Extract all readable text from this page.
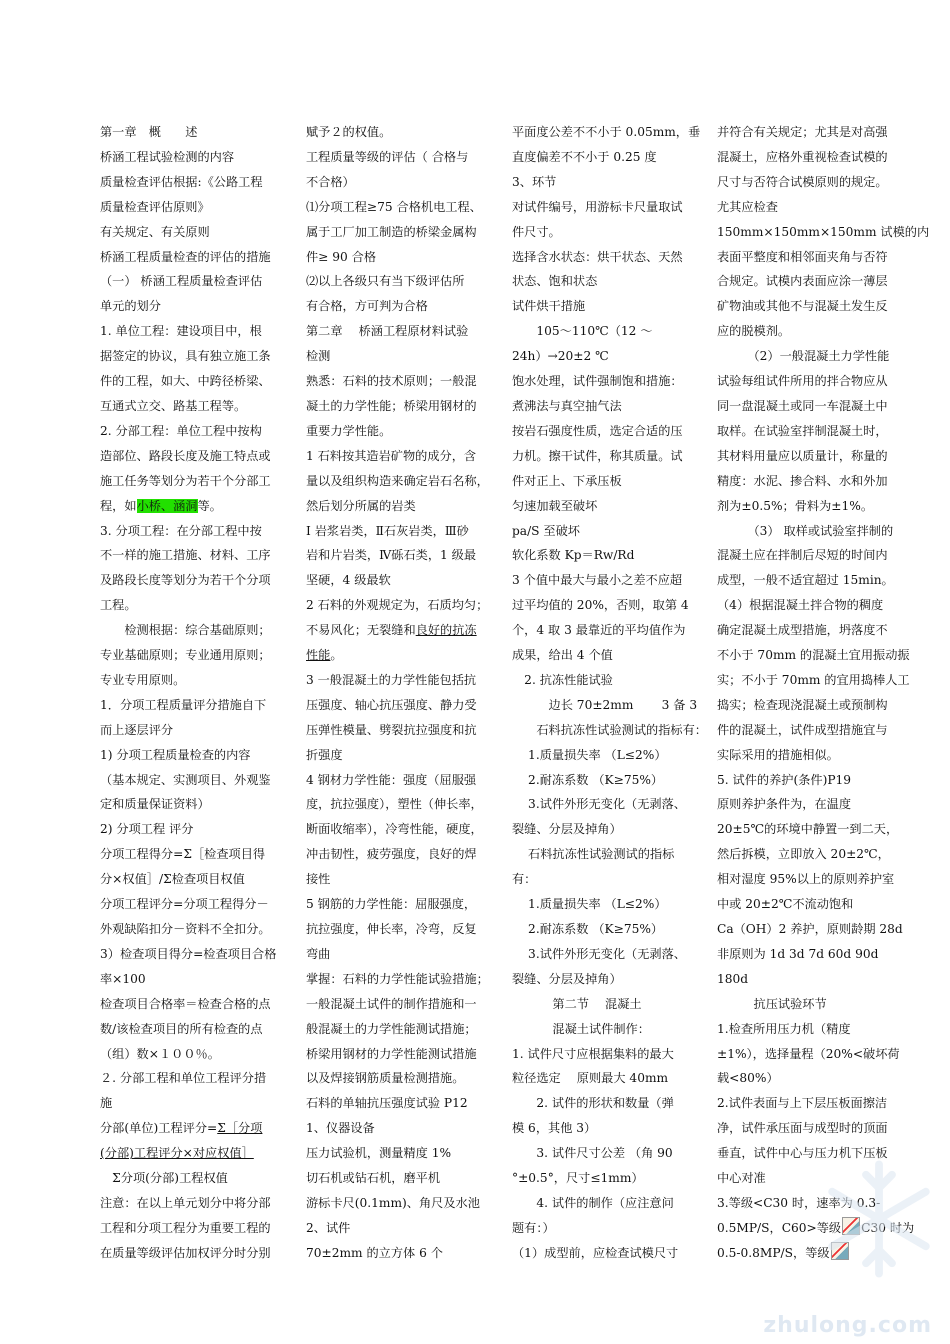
第一章　概　　述

桥涵工程试验检测的内容

质量检查评估根据:《公路工程

质量检查评估原则》

有关规定、有关原则

桥涵工程质量检查的评估的措施

（一） 桥涵工程质量检查评估

单元的划分

1. 单位工程：建设项目中，根

据签定的协议，具有独立施工条

件的工程，如大、中跨径桥梁、

互通式立交、路基工程等。

2. 分部工程：单位工程中按构

造部位、路段长度及施工特点或

施工任务等划分为若干个分部工

程，如小桥、涵洞等。

3. 分项工程：在分部工程中按

不一样的施工措施、材料、工序

及路段长度等划分为若干个分项

工程。

　　检测根据：综合基础原则；

专业基础原则；专业通用原则；

专业专用原则。

1．分项工程质量评分措施自下

而上逐层评分

1) 分项工程质量检查的内容

（基本规定、实测项目、外观鉴

定和质量保证资料）

2) 分项工程 评分

分项工程得分=Σ［检查项目得

分×权值］/Σ检查项目权值

分项工程评分=分项工程得分－

外观缺陷扣分－资料不全扣分。

3）检查项目得分=检查项目合格

率×100

检查项目合格率＝检查合格的点

数/该检查项目的所有检查的点

（组）数×１００％。

２. 分部工程和单位工程评分措

施

分部(单位)工程评分=Σ［分项

(分部)工程评分×对应权值］

　Σ分项(分部)工程权值

注意：在以上单元划分中将分部

工程和分项工程分为重要工程的

在质量等级评估加权评分时分别

赋予２的权值。

工程质量等级的评估（ 合格与

不合格）

⑴分项工程≥75 合格机电工程、

属于工厂加工制造的桥梁金属构

件≥ 90 合格

⑵以上各级只有当下级评估所

有合格，方可判为合格

第二章　 桥涵工程原材料试验

检测

熟悉：石料的技术原则；一般混

凝土的力学性能；桥梁用钢材的

重要力学性能。

1 石料按其造岩矿物的成分，含

量以及组织构造来确定岩石名称，

然后划分所属的岩类

Ⅰ 岩浆岩类，Ⅱ石灰岩类，Ⅲ砂

岩和片岩类，Ⅳ砾石类，1 级最

坚硬，4 级最软

2 石料的外观规定为，石质均匀；

不易风化；无裂缝和良好的抗冻

性能。

3 一般混凝土的力学性能包括抗

压强度、轴心抗压强度、静力受

压弹性模量、劈裂抗拉强度和抗

折强度

4 钢材力学性能：强度（屈服强

度，抗拉强度），塑性（伸长率，

断面收缩率），冷弯性能，硬度，

冲击韧性，疲劳强度，良好的焊

接性

5 钢筋的力学性能：屈服强度，

抗拉强度，伸长率，冷弯，反复

弯曲

掌握：石料的力学性能试验措施；

一般混凝土试件的制作措施和一

般混凝土的力学性能测试措施；

桥梁用钢材的力学性能测试措施

以及焊接钢筋质量检测措施。

石料的单轴抗压强度试验 P12

1、仪器设备

压力试验机，测量精度 1%

切石机或钻石机，磨平机

游标卡尺(0.1mm)、角尺及水池

2、试件

70±2mm 的立方体 6 个

平面度公差不不小于 0.05mm，垂

直度偏差不不小于 0.25 度

3、环节

对试件编号，用游标卡尺量取试

件尺寸。

选择含水状态：烘干状态、天然

状态、饱和状态

试件烘干措施

　　105～110℃（12 ～

24h）→20±2 ℃

饱水处理，试件强制饱和措施：

煮沸法与真空抽气法

按岩石强度性质，选定合适的压

力机。擦干试件，称其质量。试

件对正上、下承压板

匀速加载至破坏

pa/S 至破坏

软化系数 Kp＝Rw/Rd

3 个值中最大与最小之差不应超

过平均值的 20%，否则，取第 4

个，4 取 3 最靠近的平均值作为

成果，给出 4 个值

　2. 抗冻性能试验

　　　边长 70±2mm　　 3 备 3

　　石料抗冻性试验测试的指标有：

　 1.质量损失率 （L≤2%）

　 2.耐冻系数 （K≥75%）

　 3.试件外形无变化（无剥落、

裂缝、分层及掉角）

　 石料抗冻性试验测试的指标

有：

　 1.质量损失率 （L≤2%）

　 2.耐冻系数 （K≥75%）

　 3.试件外形无变化（无剥落、

裂缝、分层及掉角）

　　　 第二节　 混凝土

　　　 混凝土试件制作：

1. 试件尺寸应根据集料的最大

粒径选定　 原则最大 40mm

　　2. 试件的形状和数量（弹

模 6，其他 3）

　　3. 试件尺寸公差 （角 90

°±0.5°，尺寸≤1mm）

　　4. 试件的制作（应注意问

题有：）

（1）成型前，应检查试模尺寸

并符合有关规定；尤其是对高强

混凝土，应格外重视检查试模的

尺寸与否符合试模原则的规定。

尤其应检查

150mm×150mm×150mm 试模的内

表面平整度和相邻面夹角与否符

合规定。试模内表面应涂一薄层

矿物油或其他不与混凝土发生反

应的脱模剂。

　　　（2）一般混凝土力学性能

试验每组试件所用的拌合物应从

同一盘混凝土或同一车混凝土中

取样。在试验室拌制混凝土时，

其材料用量应以质量计，称量的

精度：水泥、掺合料、水和外加

剂为±0.5%；骨料为±1%。

　　　（3） 取样或试验室拌制的

混凝土应在拌制后尽短的时间内

成型，一般不适宜超过 15min。

（4）根据混凝土拌合物的稠度

确定混凝土成型措施，坍落度不

不小于 70mm 的混凝土宜用振动振

实；不小于 70mm 的宜用捣棒人工

捣实；检查现浇混凝土或预制构

件的混凝土，试件成型措施宜与

实际采用的措施相似。

5. 试件的养护(条件)P19

原则养护条件为，在温度

20±5℃的环境中静置一到二天，

然后拆模，立即放入 20±2℃，

相对湿度 95%以上的原则养护室

中或 20±2℃不流动饱和

Ca（OH）2 养护，原则龄期 28d

非原则为 1d 3d 7d 60d 90d

180d

　　　抗压试验环节

1.检查所用压力机（精度

±1%），选择量程（20%<破坏荷

载<80%）

2.试件表面与上下层压板面擦洁

净，试件承压面与成型时的顶面

垂直，试件中心与压力机下压板

中心对准

3.等级<C30 时，速率为 0.3-

0.5MP/S，C60>等级 C30 时为

0.5-0.8MP/S，等级

zhulong.com
